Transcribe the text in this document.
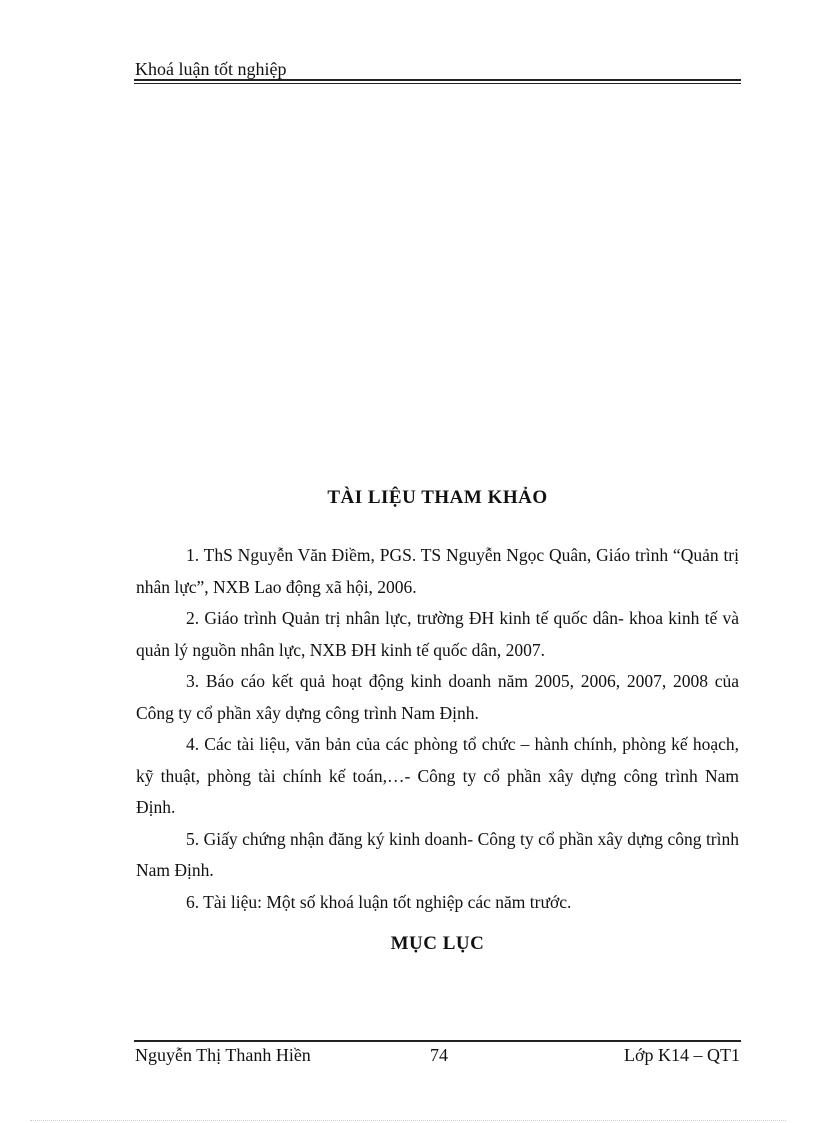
Khoá luận tốt nghiệp
TÀI LIỆU THAM KHẢO

1. ThS Nguyễn Văn Điềm, PGS. TS Nguyễn Ngọc Quân, Giáo trình “Quản trị nhân lực”, NXB Lao động xã hội, 2006.

2. Giáo trình Quản trị nhân lực, trường ĐH kinh tế quốc dân- khoa kinh tế và quản lý nguồn nhân lực, NXB ĐH kinh tế quốc dân, 2007.

3. Báo cáo kết quả hoạt động kinh doanh năm 2005, 2006, 2007, 2008 của Công ty cổ phần xây dựng công trình Nam Định.

4. Các tài liệu, văn bản của các phòng tổ chức – hành chính, phòng kế hoạch, kỹ thuật, phòng tài chính kế toán,…- Công ty cổ phần xây dựng công trình Nam Định.

5. Giấy chứng nhận đăng ký kinh doanh- Công ty cổ phần xây dựng công trình Nam Định.

6. Tài liệu: Một số khoá luận tốt nghiệp các năm trước.

MỤC LỤC
Nguyễn Thị Thanh Hiền	74	Lớp K14 – QT1
